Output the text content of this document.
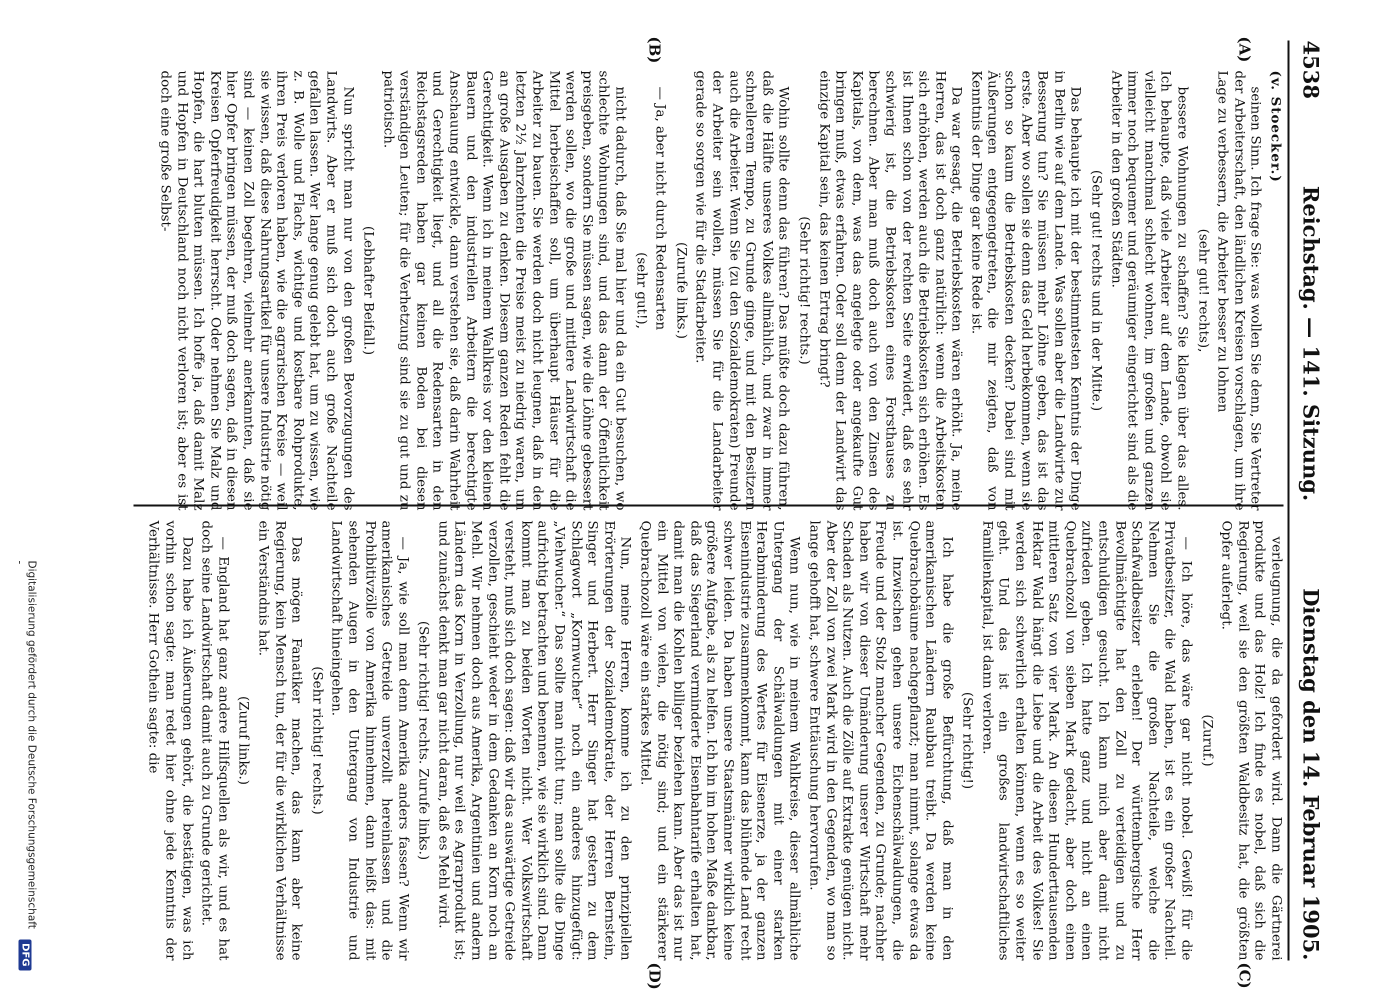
4538
Reichstag. — 141. Sitzung.
Dienstag den 14. Februar 1905.
(A)
(B)
(C)
(D)

(v. Stoecker.)

seinen Sinn. Ich frage Sie: was wollen Sie denn, Sie Vertreter der Arbeiterschaft, den ländlichen Kreisen vorschlagen, um ihre Lage zu verbessern, die Arbeiter besser zu lohnen

(sehr gut! rechts),

bessere Wohnungen zu schaffen? Sie klagen über das alles. Ich behaupte, daß viele Arbeiter auf dem Lande, obwohl sie vielleicht manchmal schlecht wohnen, im großen und ganzen immer noch bequemer und geräumiger eingerichtet sind als die Arbeiter in den großen Städten.

(Sehr gut! rechts und in der Mitte.)

Das behaupte ich mit der bestimmtesten Kenntnis der Dinge in Berlin wie auf dem Lande. Was sollen aber die Landwirte zur Besserung tun? Sie müssen mehr Löhne geben, das ist das erste. Aber wo sollen sie denn das Geld herbekommen, wenn sie schon so kaum die Betriebskosten decken? Dabei sind mit Äußerungen entgegengetreten, die mir zeigten, daß von Kenntnis der Dinge gar keine Rede ist.

Da war gesagt, die Betriebskosten wären erhöht. Ja, meine Herren, das ist doch ganz natürlich: wenn die Arbeitskosten sich erhöhen, werden auch die Betriebskosten sich erhöhen. Es ist Ihnen schon von der rechten Seite erwidert, daß es sehr schwierig ist, die Betriebskosten eines Forsthauses zu berechnen. Aber man muß doch auch von den Zinsen des Kapitals, von dem, was das angelegte oder angekaufte Gut bringen muß, etwas erfahren. Oder soll denn der Landwirt das einzige Kapital sein, das keinen Ertrag bringt?

(Sehr richtig! rechts.)

Wohin sollte denn das führen? Das müßte doch dazu führen, daß die Hälfte unseres Volkes allmählich, und zwar in immer schnellerem Tempo, zu Grunde ginge, und mit den Besitzern auch die Arbeiter. Wenn Sie (zu den Sozialdemokraten) Freunde der Arbeiter sein wollen, müssen Sie für die Landarbeiter gerade so sorgen wie für die Stadtarbeiter.

(Zurufe links.)

— Ja, aber nicht durch Redensarten

(sehr gut!),

nicht dadurch, daß Sie mal hier und da ein Gut besuchen, wo schlechte Wohnungen sind, und das dann der Öffentlichkeit preisgeben, sondern Sie müssen sagen, wie die Löhne gebessert werden sollen, wo die große und mittlere Landwirtschaft die Mittel herbeischaffen soll, um überhaupt Häuser für die Arbeiter zu bauen. Sie werden doch nicht leugnen, daß in den letzten 2½ Jahrzehnten die Preise meist zu niedrig waren, um an große Ausgaben zu denken. Diesem ganzen Reden fehlt die Gerechtigkeit. Wenn ich in meinem Wahlkreis vor den kleinen Bauern und den industriellen Arbeitern die berechtigte Anschauung entwickle, dann verstehen sie, daß darin Wahrheit und Gerechtigkeit liegt, und all die Redensarten in den Reichstagsreden haben gar keinen Boden bei diesen verständigen Leuten; für die Verhetzung sind sie zu gut und zu patriotisch.

(Lebhafter Beifall.)

Nun spricht man nur von den großen Bevorzugungen des Landwirts. Aber er muß sich doch auch große Nachteile gefallen lassen. Wer lange genug gelebt hat, um zu wissen, wie z. B. Wolle und Flachs, wichtige und kostbare Rohprodukte, ihren Preis verloren haben, wie die agrarischen Kreise — weil sie wissen, daß diese Nahrungsartikel für unsere Industrie nötig sind — keinen Zoll begehren, vielmehr anerkannten, daß sie hier Opfer bringen müssen, der muß doch sagen, daß in diesen Kreisen Opferfreudigkeit herrscht. Oder nehmen Sie Malz und Hopfen, die hart bluten müssen. Ich hoffe ja, daß damit Malz und Hopfen in Deutschland noch nicht verloren ist; aber es ist doch eine große Selbst-

verleugnung, die da gefordert wird. Dann die Gärtnerei produkte und das Holz! Ich finde es nobel, daß sich die Regierung, weil sie den größten Waldbesitz hat, die größten Opfer auferlegt.

(Zuruf.)

— Ich höre, das wäre gar nicht nobel. Gewiß! für die Privatbesitzer, die Wald haben, ist es ein großer Nachteil. Nehmen Sie die großen Nachteile, welche die Schafwaldbesitzer erleben! Der württembergische Herr Bevollmächtigte hat den Zoll zu verteidigen und zu entschuldigen gesucht. Ich kann mich aber damit nicht zufrieden geben. Ich hatte ganz und nicht an einen Quebrachozoll von sieben Mark gedacht, aber doch einen mittleren Satz von vier Mark. An diesen Hunderttausenden Hektar Wald hängt die Liebe und die Arbeit des Volkes! Sie werden sich schwerlich erhalten können, wenn es so weiter geht. Und das ist ein großes landwirtschaftliches Familienkapital, ist dann verloren.

(Sehr richtig!)

Ich habe die große Befürchtung, daß man in den amerikanischen Ländern Raubbau treibt. Da werden keine Quebrachobäume nachgepflanzt; man nimmt, solange etwas da ist. Inzwischen gehen unsere Eichenschälwaldungen, die Freude und der Stolz mancher Gegenden, zu Grunde; nachher haben wir von dieser Umänderung unserer Wirtschaft mehr Schaden als Nutzen. Auch die Zölle auf Extrakte genügen nicht. Aber der Zoll von zwei Mark wird in den Gegenden, wo man so lange gehofft hat, schwere Enttäuschung hervorrufen.

Wenn nun, wie in meinem Wahlkreise, dieser allmähliche Untergang der Schälwaldungen mit einer starken Herabminderung des Wertes für Eisenerze, ja der ganzen Eisenindustrie zusammenkommt, kann das blühende Land recht schwer leiden. Da haben unsere Staatsmänner wirklich keine größere Aufgabe, als zu helfen. Ich bin im hohen Maße dankbar, daß das Siegerland verminderte Eisenbahntarife erhalten hat, damit man die Kohlen billiger beziehen kann. Aber das ist nur ein Mittel von vielen, die nötig sind; und ein stärkerer Quebrachozoll wäre ein starkes Mittel.

Nun, meine Herren, komme ich zu den prinzipiellen Erörterungen der Sozialdemokratie, der Herren Bernstein, Singer und Herbert. Herr Singer hat gestern zu dem Schlagwort „Kornwucher“ noch ein anderes hinzugefügt: „Viehwucher.“ Das sollte man nicht tun; man sollte die Dinge aufrichtig betrachten und benennen, wie sie wirklich sind. Dann kommt man zu beiden Worten nicht. Wer Volkswirtschaft versteht, muß sich doch sagen: daß wir das auswärtige Getreide verzollen, geschieht weder in dem Gedanken an Korn noch an Mehl. Wir nehmen doch aus Amerika, Argentinien und andern Ländern das Korn in Verzollung, nur weil es Agrarprodukt ist; und zunächst denkt man gar nicht daran, daß es Mehl wird.

(Sehr richtig! rechts. Zurufe links.)

— Ja, wie soll man denn Amerika anders fassen? Wenn wir amerikanisches Getreide unverzollt hereinlassen und die Prohibitivzölle von Amerika hinnehmen, dann heißt das: mit sehenden Augen in den Untergang von Industrie und Landwirtschaft hineingehen.

(Sehr richtig! rechts.)

Das mögen Fanatiker machen, das kann aber keine Regierung, kein Mensch tun, der für die wirklichen Verhältnisse ein Verständnis hat.

(Zuruf links.)

— England hat ganz andere Hilfsquellen als wir, und es hat doch seine Landwirtschaft damit auch zu Grunde gerichtet.

Dazu habe ich Äußerungen gehört, die bestätigen, was ich vorhin schon sagte: man redet hier ohne jede Kenntnis der Verhältnisse. Herr Gothein sagte: die

Digitalisierung gefördert durch die Deutsche Forschungsgemeinschaft -
DFG
